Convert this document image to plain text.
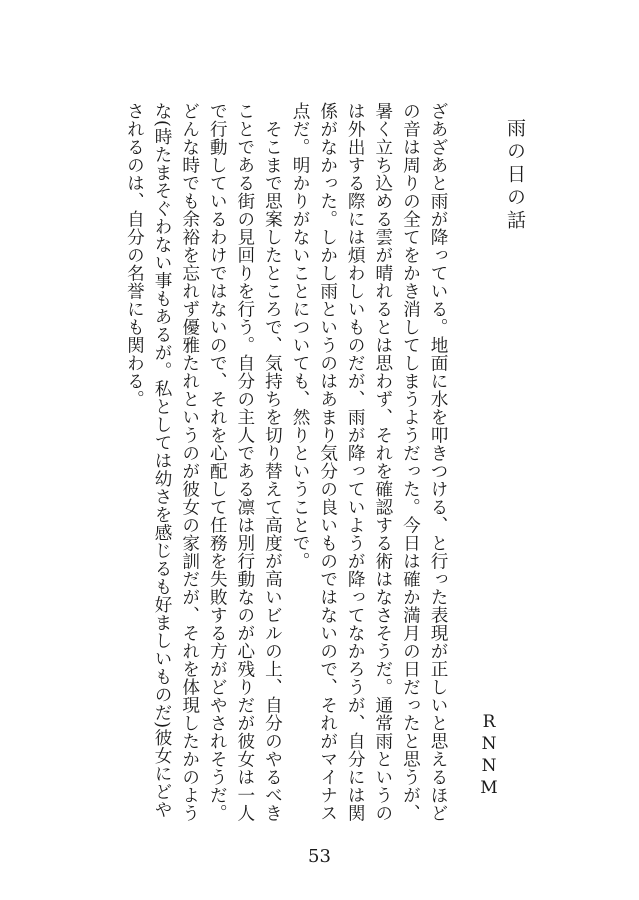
雨の日の話
RNNM

ざあざあと雨が降っている。地面に水を叩きつける、と行った表現が正しいと思えるほどの音は周りの全てをかき消してしまうようだった。今日は確か満月の日だったと思うが、暑く立ち込める雲が晴れるとは思わず、それを確認する術はなさそうだ。通常雨というのは外出する際には煩わしいものだが、雨が降っていようが降ってなかろうが、自分には関係がなかった。しかし雨というのはあまり気分の良いものではないので、それがマイナス点だ。明かりがないことについても、然りということで。

　そこまで思案したところで、気持ちを切り替えて高度が高いビルの上、自分のやるべきことである街の見回りを行う。自分の主人である凛は別行動なのが心残りだが彼女は一人で行動しているわけではないので、それを心配して任務を失敗する方がどやされそうだ。どんな時でも余裕を忘れず優雅たれというのが彼女の家訓だが、それを体現したかのような(時たまそぐわない事もあるが。私としては幼さを感じるも好ましいものだ)彼女にどやされるのは、自分の名誉にも関わる。

53
